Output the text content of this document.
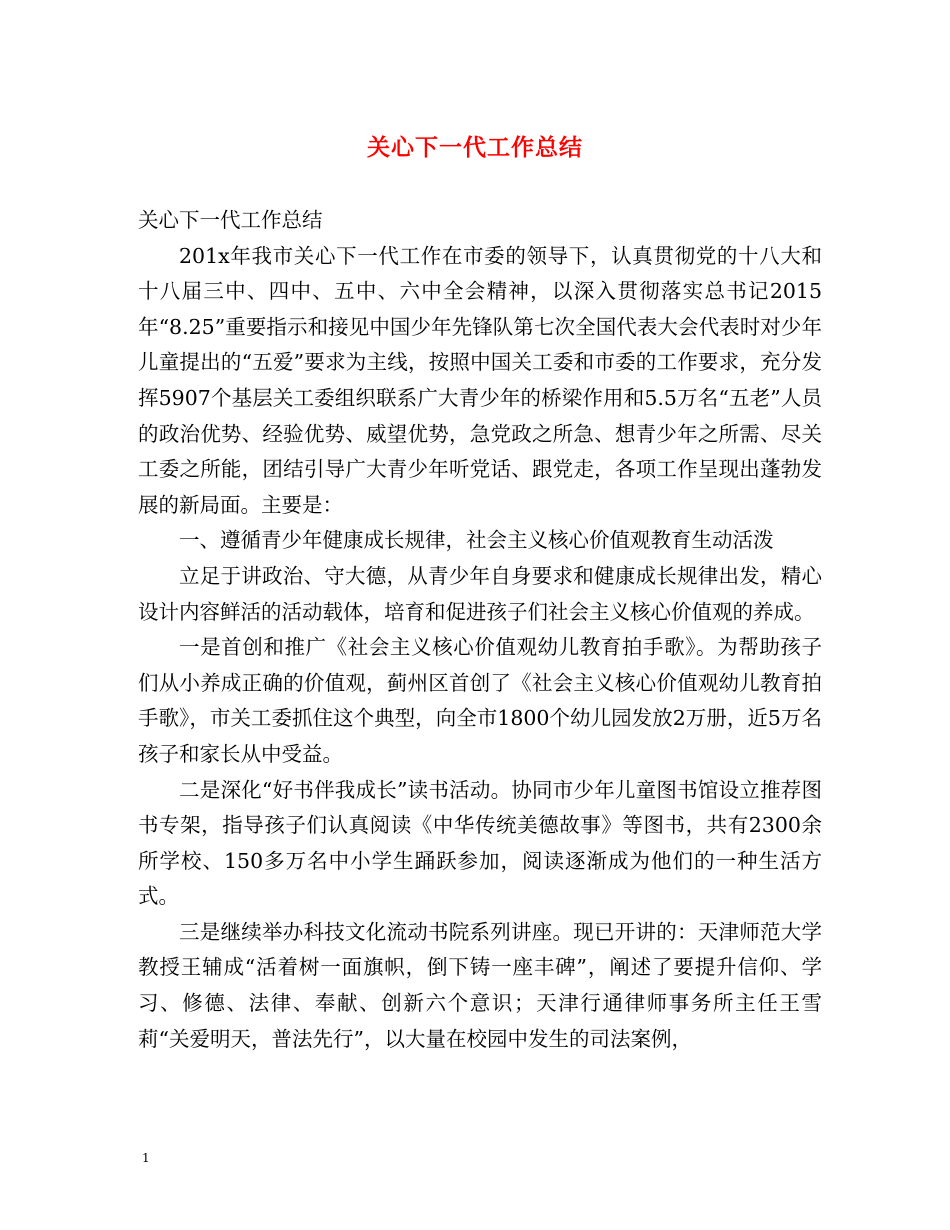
关心下一代工作总结

关心下一代工作总结

201x年我市关心下一代工作在市委的领导下，认真贯彻党的十八大和十八届三中、四中、五中、六中全会精神，以深入贯彻落实总书记2015年“8.25”重要指示和接见中国少年先锋队第七次全国代表大会代表时对少年儿童提出的“五爱”要求为主线，按照中国关工委和市委的工作要求，充分发挥5907个基层关工委组织联系广大青少年的桥梁作用和5.5万名“五老”人员的政治优势、经验优势、威望优势，急党政之所急、想青少年之所需、尽关工委之所能，团结引导广大青少年听党话、跟党走，各项工作呈现出蓬勃发展的新局面。主要是：

一、遵循青少年健康成长规律，社会主义核心价值观教育生动活泼

立足于讲政治、守大德，从青少年自身要求和健康成长规律出发，精心设计内容鲜活的活动载体，培育和促进孩子们社会主义核心价值观的养成。

一是首创和推广《社会主义核心价值观幼儿教育拍手歌》。为帮助孩子们从小养成正确的价值观，蓟州区首创了《社会主义核心价值观幼儿教育拍手歌》，市关工委抓住这个典型，向全市1800个幼儿园发放2万册，近5万名孩子和家长从中受益。

二是深化“好书伴我成长”读书活动。协同市少年儿童图书馆设立推荐图书专架，指导孩子们认真阅读《中华传统美德故事》等图书，共有2300余所学校、150多万名中小学生踊跃参加，阅读逐渐成为他们的一种生活方式。

三是继续举办科技文化流动书院系列讲座。现已开讲的：天津师范大学教授王辅成“活着树一面旗帜，倒下铸一座丰碑”，阐述了要提升信仰、学习、修德、法律、奉献、创新六个意识；天津行通律师事务所主任王雪莉“关爱明天，普法先行”，以大量在校园中发生的司法案例，

1
